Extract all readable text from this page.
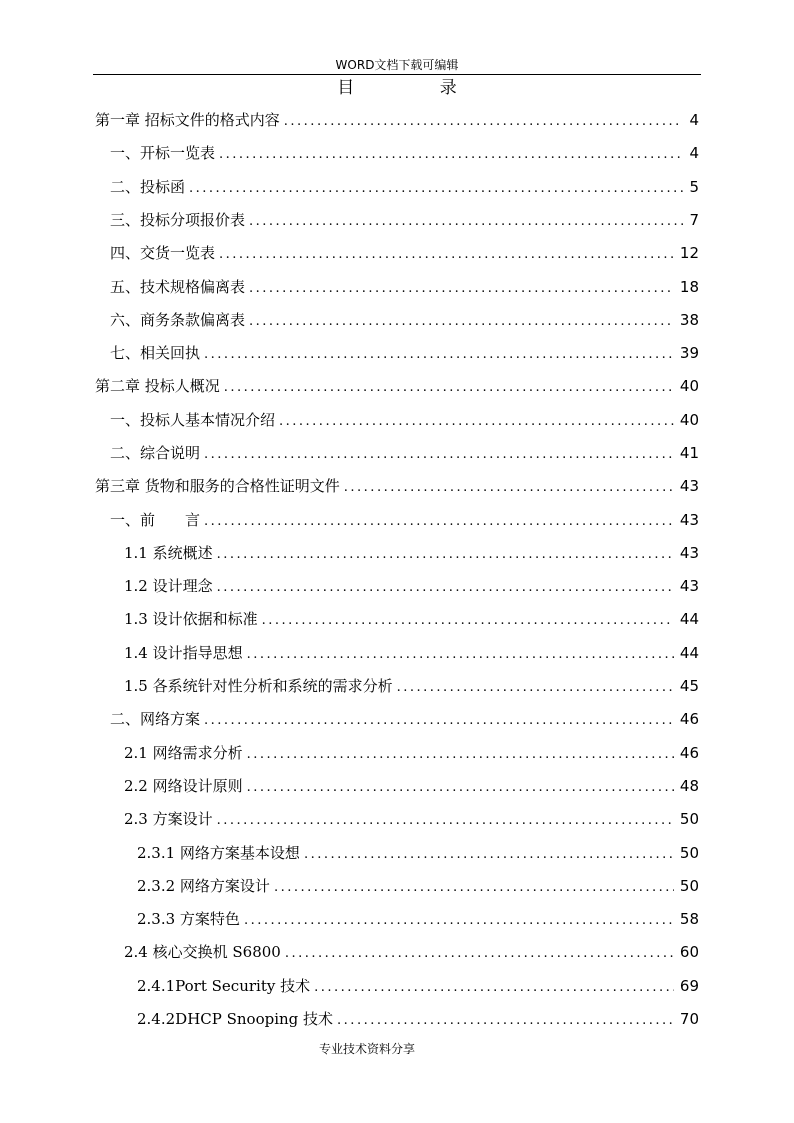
WORD文档下载可编辑
目 录
第一章 招标文件的格式内容 .....	4
一、开标一览表 .....	4
二、投标函 .....	5
三、投标分项报价表 .....	7
四、交货一览表 .....	12
五、技术规格偏离表 .....	18
六、商务条款偏离表 .....	38
七、相关回执 .....	39
第二章 投标人概况 .....	40
一、投标人基本情况介绍 .....	40
二、综合说明 .....	41
第三章 货物和服务的合格性证明文件 .....	43
一、前　　言 .....	43
1.1 系统概述 .....	43
1.2 设计理念 .....	43
1.3 设计依据和标准 .....	44
1.4 设计指导思想 .....	44
1.5 各系统针对性分析和系统的需求分析 .....	45
二、网络方案 .....	46
2.1 网络需求分析 .....	46
2.2 网络设计原则 .....	48
2.3 方案设计 .....	50
2.3.1 网络方案基本设想 .....	50
2.3.2 网络方案设计 .....	50
2.3.3 方案特色 .....	58
2.4 核心交换机 S6800 .....	60
2.4.1Port Security 技术 .....	69
2.4.2DHCP Snooping 技术 .....	70
专业技术资料分享
